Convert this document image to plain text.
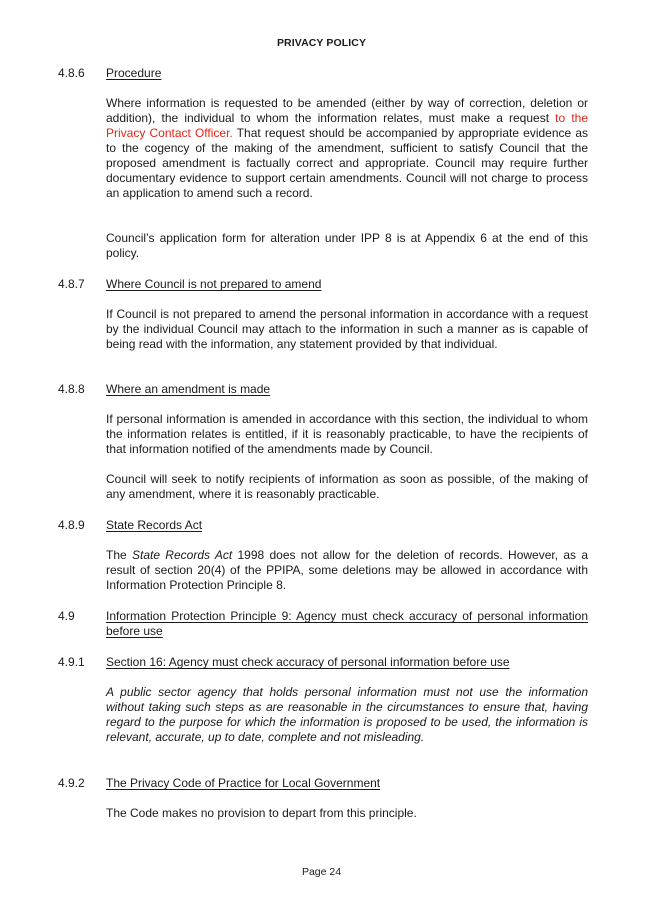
PRIVACY POLICY
4.8.6 Procedure

Where information is requested to be amended (either by way of correction, deletion or addition), the individual to whom the information relates, must make a request to the Privacy Contact Officer. That request should be accompanied by appropriate evidence as to the cogency of the making of the amendment, sufficient to satisfy Council that the proposed amendment is factually correct and appropriate. Council may require further documentary evidence to support certain amendments. Council will not charge to process an application to amend such a record.

Council’s application form for alteration under IPP 8 is at Appendix 6 at the end of this policy.

4.8.7 Where Council is not prepared to amend

If Council is not prepared to amend the personal information in accordance with a request by the individual Council may attach to the information in such a manner as is capable of being read with the information, any statement provided by that individual.

4.8.8 Where an amendment is made

If personal information is amended in accordance with this section, the individual to whom the information relates is entitled, if it is reasonably practicable, to have the recipients of that information notified of the amendments made by Council.

Council will seek to notify recipients of information as soon as possible, of the making of any amendment, where it is reasonably practicable.

4.8.9 State Records Act

The State Records Act 1998 does not allow for the deletion of records. However, as a result of section 20(4) of the PPIPA, some deletions may be allowed in accordance with Information Protection Principle 8.

4.9	Information Protection Principle 9: Agency must check accuracy of personal information before use
4.9.1 Section 16: Agency must check accuracy of personal information before use

A public sector agency that holds personal information must not use the information without taking such steps as are reasonable in the circumstances to ensure that, having regard to the purpose for which the information is proposed to be used, the information is relevant, accurate, up to date, complete and not misleading.

4.9.2 The Privacy Code of Practice for Local Government

The Code makes no provision to depart from this principle.

Page 24
